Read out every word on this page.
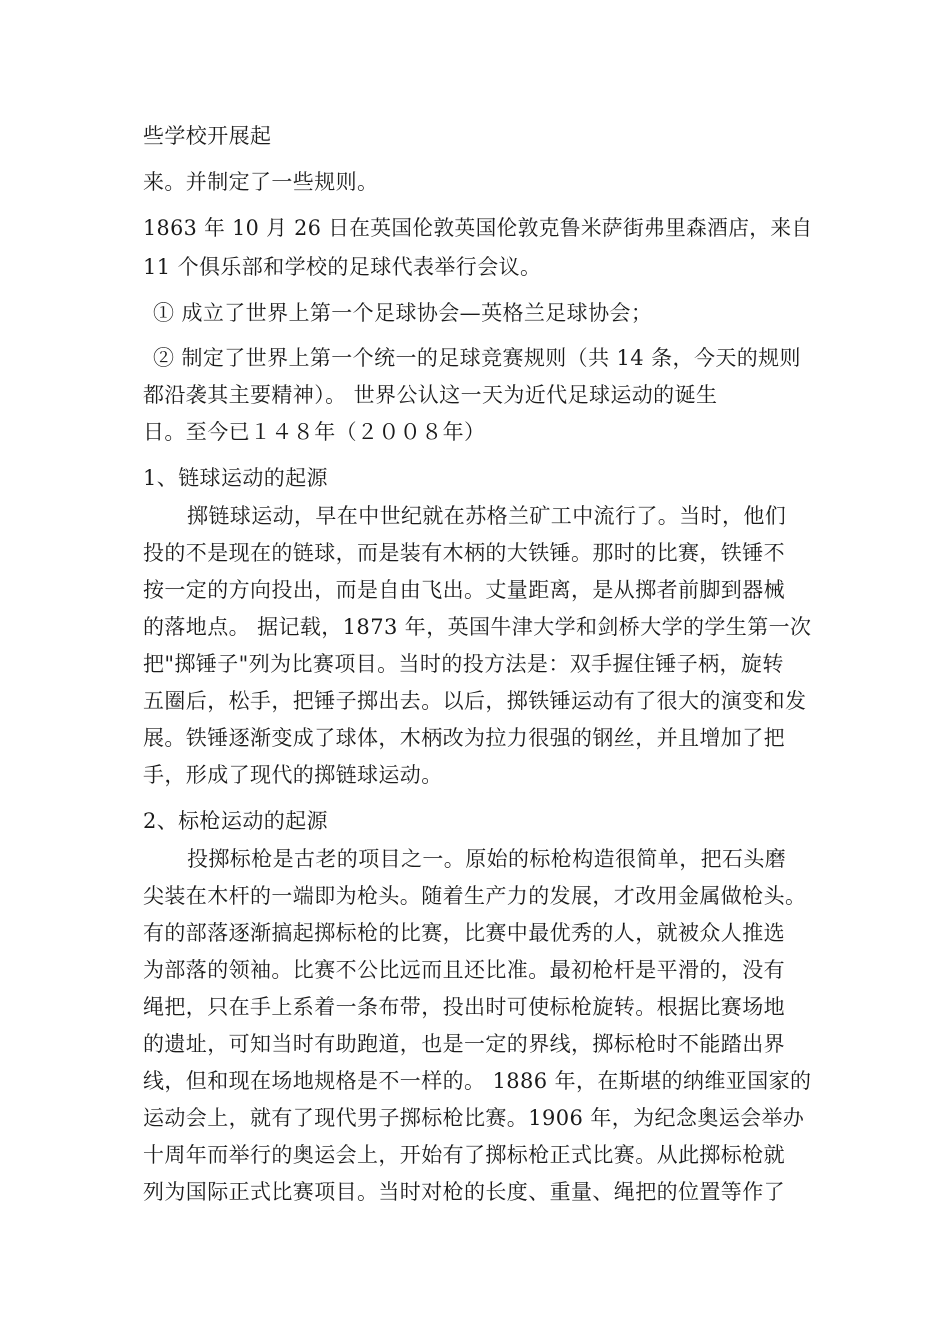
些学校开展起
来。并制定了一些规则。
1863 年 10 月 26 日在英国伦敦英国伦敦克鲁米萨街弗里森酒店，来自
11 个俱乐部和学校的足球代表举行会议。
① 成立了世界上第一个足球协会—英格兰足球协会；
② 制定了世界上第一个统一的足球竞赛规则（共 14 条，今天的规则
都沿袭其主要精神）。 世界公认这一天为近代足球运动的诞生
日。至今已１４８年（２００８年）
1、链球运动的起源
掷链球运动，早在中世纪就在苏格兰矿工中流行了。当时，他们
投的不是现在的链球，而是装有木柄的大铁锤。那时的比赛，铁锤不
按一定的方向投出，而是自由飞出。丈量距离，是从掷者前脚到器械
的落地点。 据记载，1873 年，英国牛津大学和剑桥大学的学生第一次
把"掷锤子"列为比赛项目。当时的投方法是：双手握住锤子柄，旋转
五圈后，松手，把锤子掷出去。以后，掷铁锤运动有了很大的演变和发
展。铁锤逐渐变成了球体，木柄改为拉力很强的钢丝，并且增加了把
手，形成了现代的掷链球运动。
2、标枪运动的起源
投掷标枪是古老的项目之一。原始的标枪构造很简单，把石头磨
尖装在木杆的一端即为枪头。随着生产力的发展，才改用金属做枪头。
有的部落逐渐搞起掷标枪的比赛，比赛中最优秀的人，就被众人推选
为部落的领袖。比赛不公比远而且还比准。最初枪杆是平滑的，没有
绳把，只在手上系着一条布带，投出时可使标枪旋转。根据比赛场地
的遗址，可知当时有助跑道，也是一定的界线，掷标枪时不能踏出界
线，但和现在场地规格是不一样的。 1886 年，在斯堪的纳维亚国家的
运动会上，就有了现代男子掷标枪比赛。1906 年，为纪念奥运会举办
十周年而举行的奥运会上，开始有了掷标枪正式比赛。从此掷标枪就
列为国际正式比赛项目。当时对枪的长度、重量、绳把的位置等作了
